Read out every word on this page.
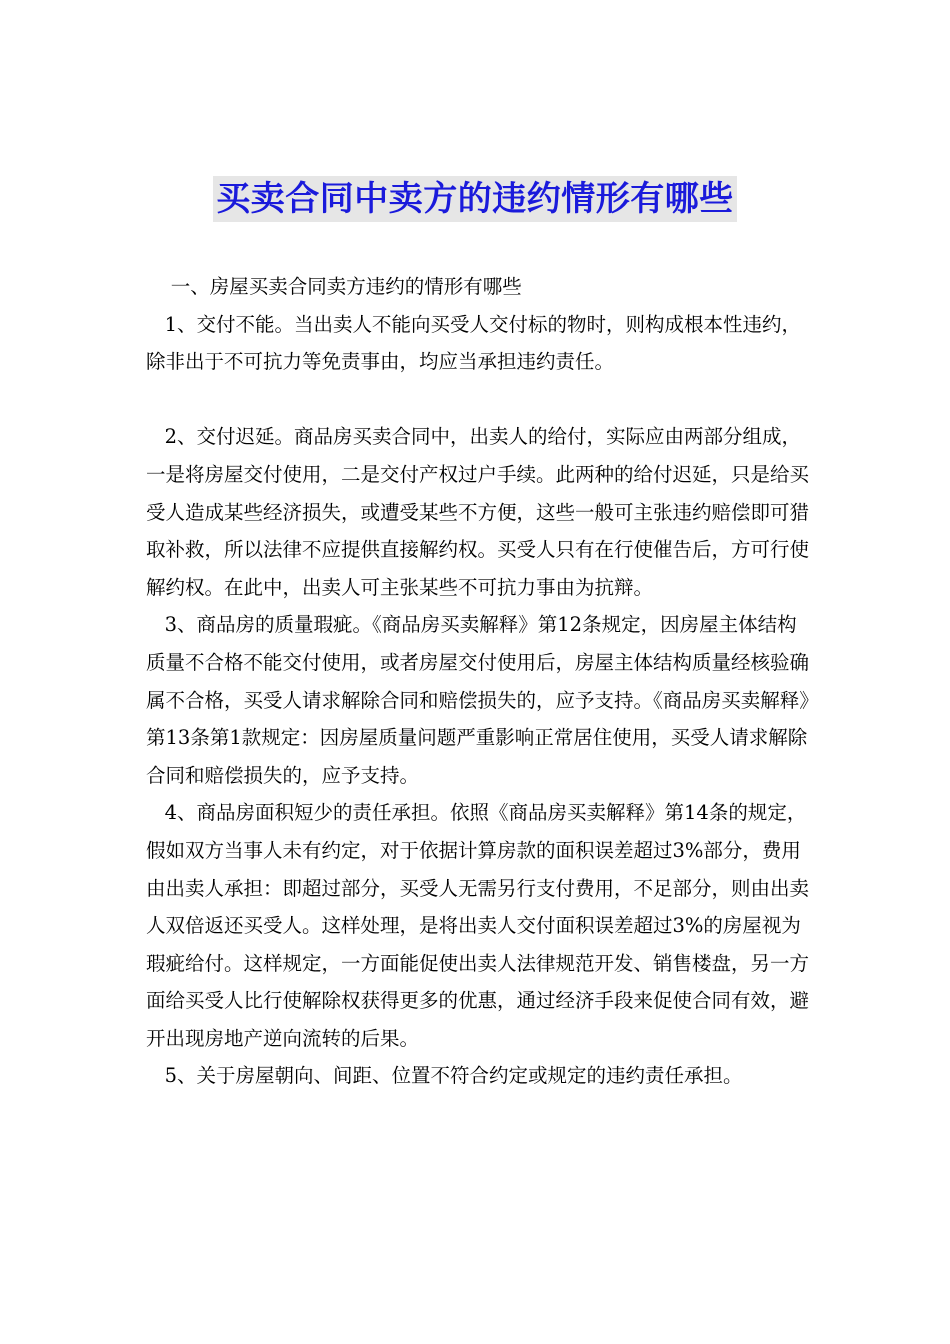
买卖合同中卖方的违约情形有哪些

一、房屋买卖合同卖方违约的情形有哪些

1、交付不能。当出卖人不能向买受人交付标的物时，则构成根本性违约，除非出于不可抗力等免责事由，均应当承担违约责任。

2、交付迟延。商品房买卖合同中，出卖人的给付，实际应由两部分组成，一是将房屋交付使用，二是交付产权过户手续。此两种的给付迟延，只是给买受人造成某些经济损失，或遭受某些不方便，这些一般可主张违约赔偿即可猎取补救，所以法律不应提供直接解约权。买受人只有在行使催告后，方可行使解约权。在此中，出卖人可主张某些不可抗力事由为抗辩。

3、商品房的质量瑕疵。《商品房买卖解释》第12条规定，因房屋主体结构质量不合格不能交付使用，或者房屋交付使用后，房屋主体结构质量经核验确属不合格，买受人请求解除合同和赔偿损失的，应予支持。《商品房买卖解释》第13条第1款规定：因房屋质量问题严重影响正常居住使用，买受人请求解除合同和赔偿损失的，应予支持。

4、商品房面积短少的责任承担。依照《商品房买卖解释》第14条的规定，假如双方当事人未有约定，对于依据计算房款的面积误差超过3%部分，费用由出卖人承担：即超过部分，买受人无需另行支付费用，不足部分，则由出卖人双倍返还买受人。这样处理，是将出卖人交付面积误差超过3%的房屋视为瑕疵给付。这样规定，一方面能促使出卖人法律规范开发、销售楼盘，另一方面给买受人比行使解除权获得更多的优惠，通过经济手段来促使合同有效，避开出现房地产逆向流转的后果。

5、关于房屋朝向、间距、位置不符合约定或规定的违约责任承担。
